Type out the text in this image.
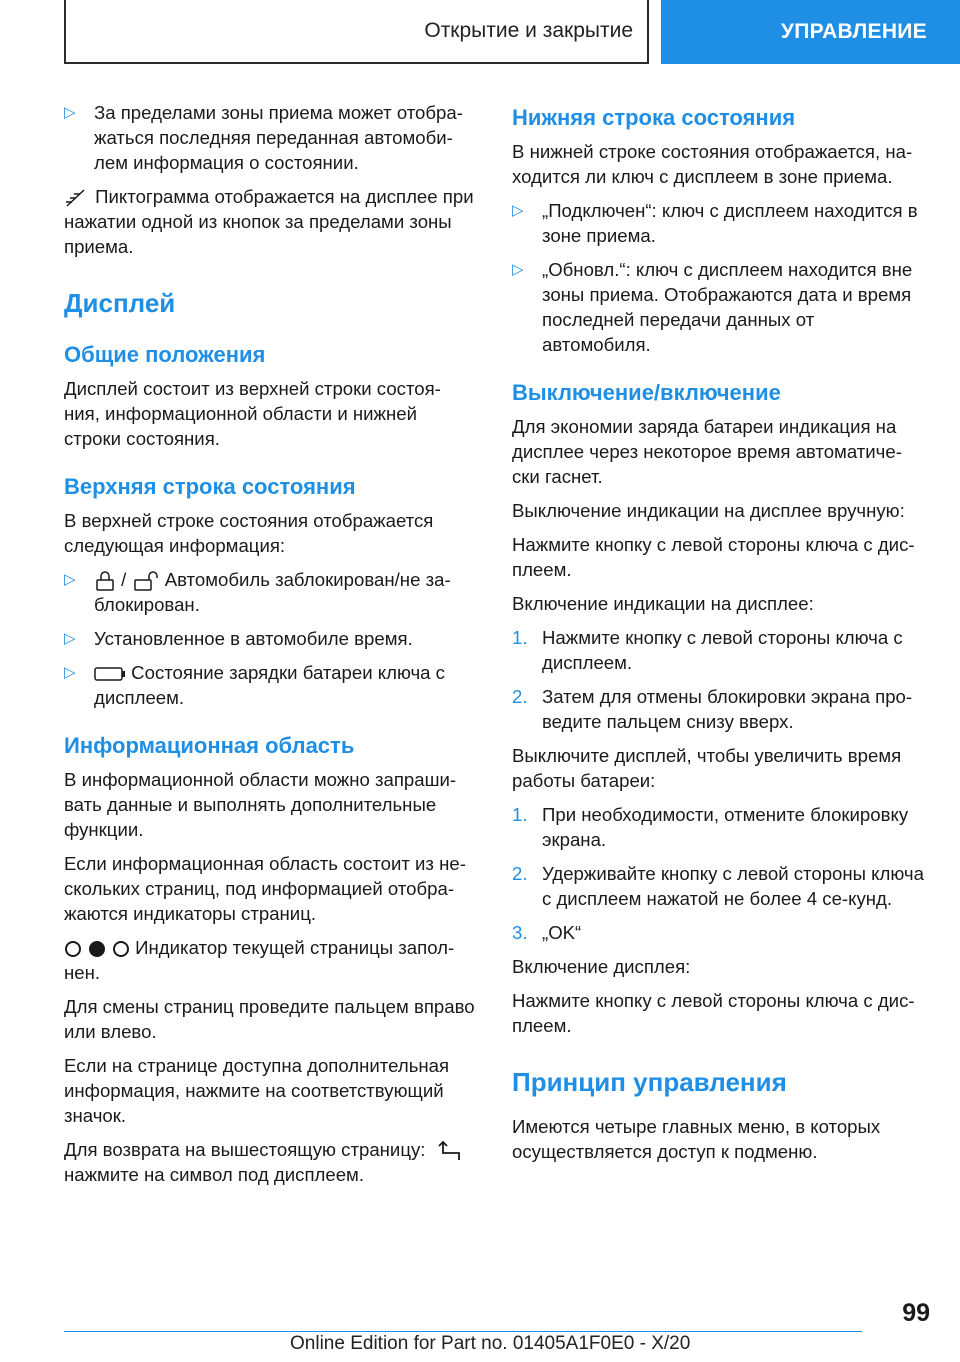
Открытие и закрытие	УПРАВЛЕНИЕ
▷ За пределами зоны приема может отобра-жаться последняя переданная автомоби-лем информация о состоянии.

Пиктограмма отображается на дисплее при нажатии одной из кнопок за пределами зоны приема.

Дисплей
Общие положения

Дисплей состоит из верхней строки состоя-ния, информационной области и нижней строки состояния.

Верхняя строка состояния

В верхней строке состояния отображается следующая информация:

▷ / Автомобиль заблокирован/не за-блокирован.
▷ Установленное в автомобиле время.
▷	Состояние зарядки батареи ключа с дисплеем.
Информационная область

В информационной области можно запраши-вать данные и выполнять дополнительные функции.

Если информационная область состоит из не-скольких страниц, под информацией отобра-жаются индикаторы страниц.

Индикатор текущей страницы запол-нен.

Для смены страниц проведите пальцем вправо или влево.

Если на странице доступна дополнительная информация, нажмите на соответствующий значок.

Для возврата на вышестоящую страницу:
нажмите на символ под дисплеем.

Нижняя строка состояния

В нижней строке состояния отображается, на-ходится ли ключ с дисплеем в зоне приема.

▷ „Подключен“: ключ с дисплеем находится в зоне приема.
▷ „Обновл.“: ключ с дисплеем находится вне зоны приема. Отображаются дата и время последней передачи данных от автомобиля.
Выключение/включение

Для экономии заряда батареи индикация на дисплее через некоторое время автоматиче-ски гаснет.

Выключение индикации на дисплее вручную:

Нажмите кнопку с левой стороны ключа с дис-плеем.

Включение индикации на дисплее:

1. Нажмите кнопку с левой стороны ключа с дисплеем.
2. Затем для отмены блокировки экрана про-ведите пальцем снизу вверх.

Выключите дисплей, чтобы увеличить время работы батареи:

1. При необходимости, отмените блокировку экрана.
2. Удерживайте кнопку с левой стороны ключа с дисплеем нажатой не более 4 се-кунд.
3. „OK“

Включение дисплея:

Нажмите кнопку с левой стороны ключа с дис-плеем.

Принцип управления

Имеются четыре главных меню, в которых осуществляется доступ к подменю.

99
Online Edition for Part no. 01405A1F0E0 - X/20
